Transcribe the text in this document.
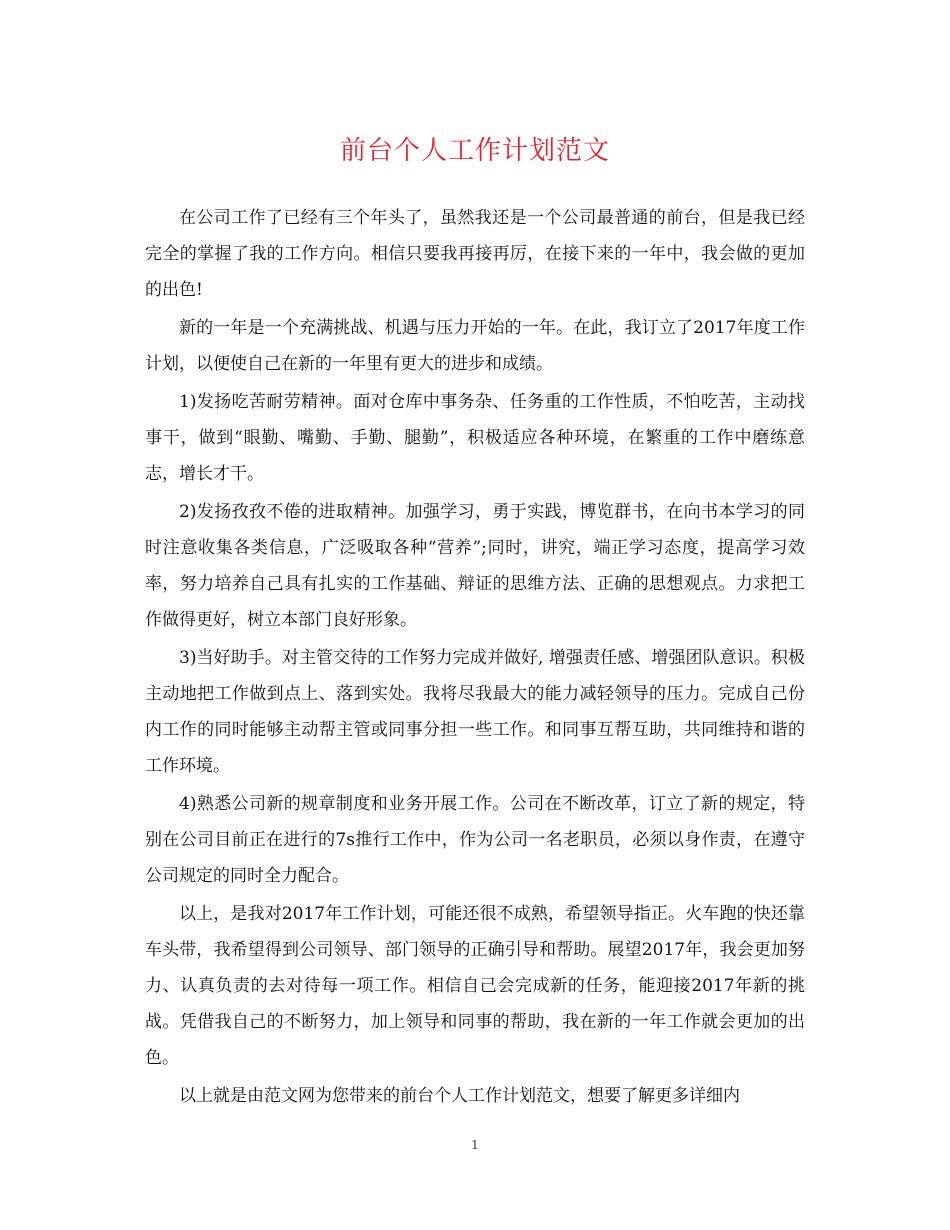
前台个人工作计划范文

在公司工作了已经有三个年头了，虽然我还是一个公司最普通的前台，但是我已经完全的掌握了我的工作方向。相信只要我再接再厉，在接下来的一年中，我会做的更加的出色!

新的一年是一个充满挑战、机遇与压力开始的一年。在此，我订立了2017年度工作计划，以便使自己在新的一年里有更大的进步和成绩。

1)发扬吃苦耐劳精神。面对仓库中事务杂、任务重的工作性质，不怕吃苦，主动找事干，做到“眼勤、嘴勤、手勤、腿勤”，积极适应各种环境，在繁重的工作中磨练意志，增长才干。

2)发扬孜孜不倦的进取精神。加强学习，勇于实践，博览群书，在向书本学习的同时注意收集各类信息，广泛吸取各种“营养”;同时，讲究，端正学习态度，提高学习效率，努力培养自己具有扎实的工作基础、辩证的思维方法、正确的思想观点。力求把工作做得更好，树立本部门良好形象。

3)当好助手。对主管交待的工作努力完成并做好, 增强责任感、增强团队意识。积极主动地把工作做到点上、落到实处。我将尽我最大的能力减轻领导的压力。完成自己份内工作的同时能够主动帮主管或同事分担一些工作。和同事互帮互助，共同维持和谐的工作环境。

4)熟悉公司新的规章制度和业务开展工作。公司在不断改革，订立了新的规定，特别在公司目前正在进行的7s推行工作中，作为公司一名老职员，必须以身作责，在遵守公司规定的同时全力配合。

以上，是我对2017年工作计划，可能还很不成熟，希望领导指正。火车跑的快还靠车头带，我希望得到公司领导、部门领导的正确引导和帮助。展望2017年，我会更加努力、认真负责的去对待每一项工作。相信自己会完成新的任务，能迎接2017年新的挑战。凭借我自己的不断努力，加上领导和同事的帮助，我在新的一年工作就会更加的出色。

以上就是由范文网为您带来的前台个人工作计划范文，想要了解更多详细内

1
